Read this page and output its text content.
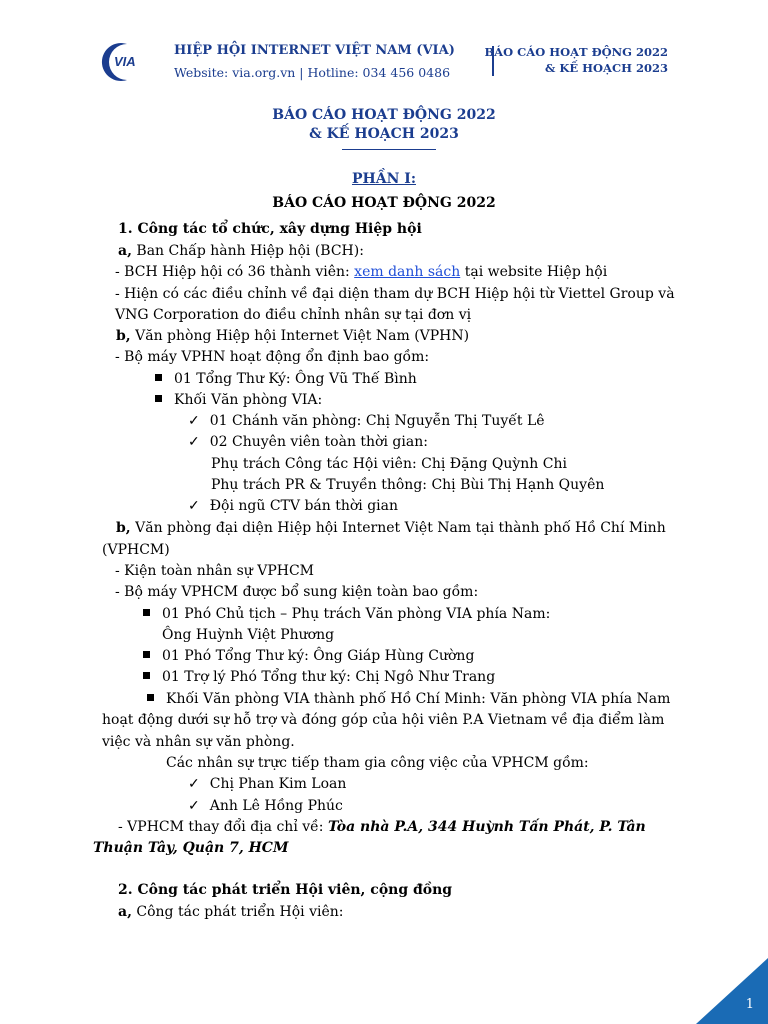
VIA
HIỆP HỘI INTERNET VIỆT NAM (VIA)
Website: via.org.vn | Hotline: 034 456 0486
BÁO CÁO HOẠT ĐỘNG 2022
& KẾ HOẠCH 2023
BÁO CÁO HOẠT ĐỘNG 2022
& KẾ HOẠCH 2023
PHẦN I:
BÁO CÁO HOẠT ĐỘNG 2022
1. Công tác tổ chức, xây dựng Hiệp hội
a, Ban Chấp hành Hiệp hội (BCH):
- BCH Hiệp hội có 36 thành viên: xem danh sách tại website Hiệp hội
- Hiện có các điều chỉnh về đại diện tham dự BCH Hiệp hội từ Viettel Group và
VNG Corporation do điều chỉnh nhân sự tại đơn vị
b, Văn phòng Hiệp hội Internet Việt Nam (VPHN)
- Bộ máy VPHN hoạt động ổn định bao gồm:
01 Tổng Thư Ký: Ông Vũ Thế Bình
Khối Văn phòng VIA:
✓ 01 Chánh văn phòng: Chị Nguyễn Thị Tuyết Lê
✓ 02 Chuyên viên toàn thời gian:
Phụ trách Công tác Hội viên: Chị Đặng Quỳnh Chi
Phụ trách PR & Truyền thông: Chị Bùi Thị Hạnh Quyên
✓ Đội ngũ CTV bán thời gian
b, Văn phòng đại diện Hiệp hội Internet Việt Nam tại thành phố Hồ Chí Minh
(VPHCM)
- Kiện toàn nhân sự VPHCM
- Bộ máy VPHCM được bổ sung kiện toàn bao gồm:
01 Phó Chủ tịch – Phụ trách Văn phòng VIA phía Nam:
Ông Huỳnh Việt Phương
01 Phó Tổng Thư ký: Ông Giáp Hùng Cường
01 Trợ lý Phó Tổng thư ký: Chị Ngô Như Trang
Khối Văn phòng VIA thành phố Hồ Chí Minh: Văn phòng VIA phía Nam
hoạt động dưới sự hỗ trợ và đóng góp của hội viên P.A Vietnam về địa điểm làm
việc và nhân sự văn phòng.
Các nhân sự trực tiếp tham gia công việc của VPHCM gồm:
✓ Chị Phan Kim Loan
✓ Anh Lê Hồng Phúc
- VPHCM thay đổi địa chỉ về: Tòa nhà P.A, 344 Huỳnh Tấn Phát, P. Tân
Thuận Tây, Quận 7, HCM
2. Công tác phát triển Hội viên, cộng đồng
a, Công tác phát triển Hội viên:
1
